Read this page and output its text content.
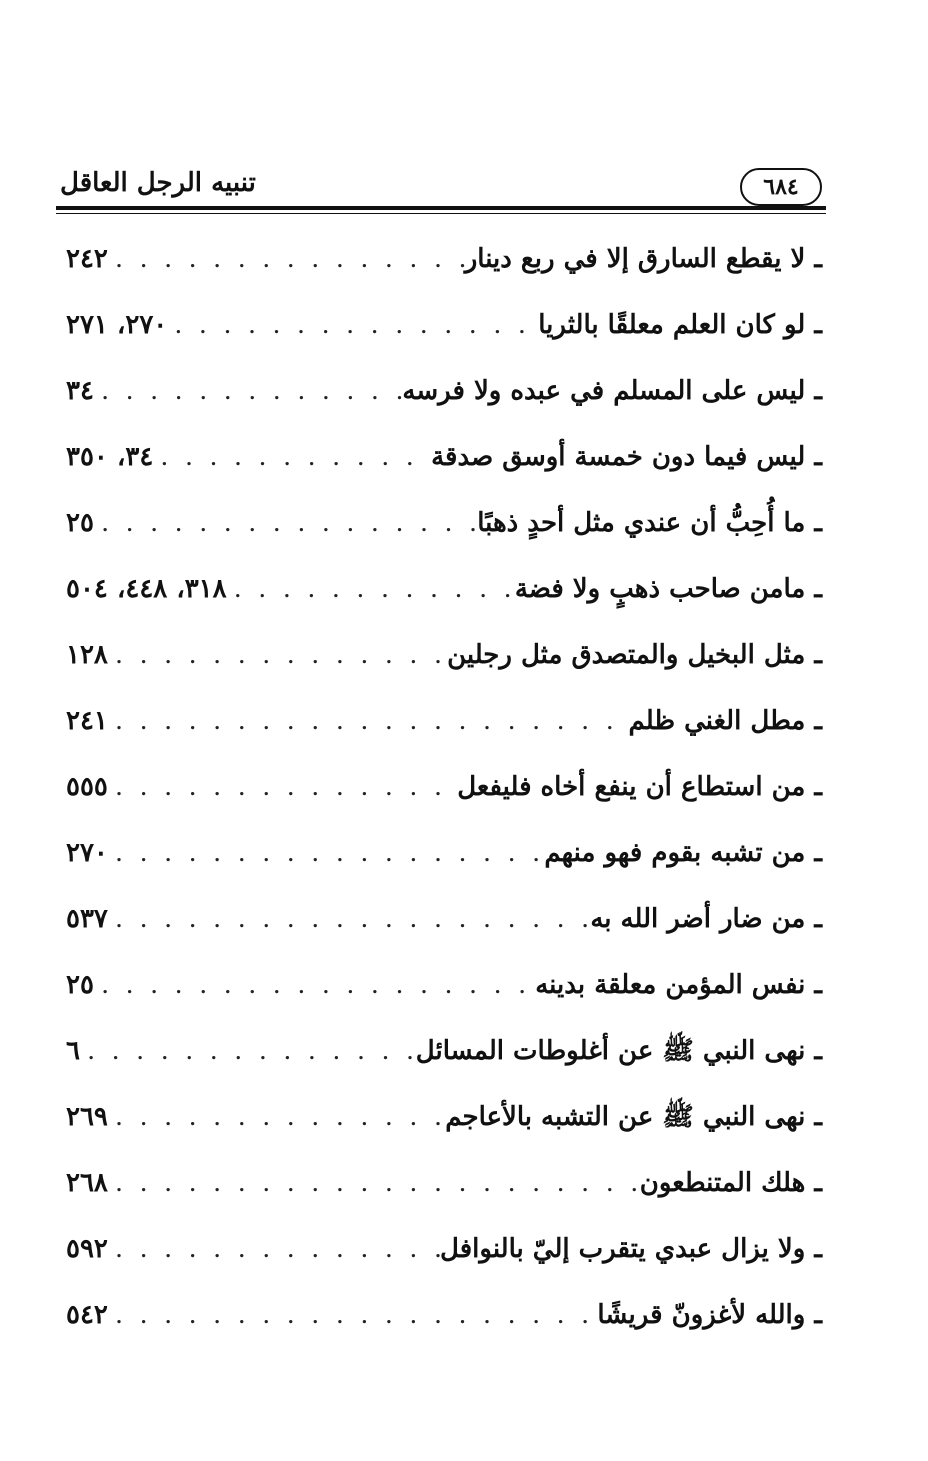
تنبيه الرجل العاقل	٦٨٤
ـ لا يقطع السارق إلا في ربع دينار
. . .
٢٤٢
ـ لو كان العلم معلقًا بالثريا
. . .
٢٧٠، ٢٧١
ـ ليس على المسلم في عبده ولا فرسه
. . .
٣٤
ـ ليس فيما دون خمسة أوسق صدقة
. . .
٣٤، ٣٥٠
ـ ما أُحِبُّ أن عندي مثل أحدٍ ذهبًا
. . .
٢٥
ـ مامن صاحب ذهبٍ ولا فضة
. . .
٣١٨، ٤٤٨، ٥٠٤
ـ مثل البخيل والمتصدق مثل رجلين
. . .
١٢٨
ـ مطل الغني ظلم
. . .
٢٤١
ـ من استطاع أن ينفع أخاه فليفعل
. . .
٥٥٥
ـ من تشبه بقوم فهو منهم
. . .
٢٧٠
ـ من ضار أضر الله به
. . .
٥٣٧
ـ نفس المؤمن معلقة بدينه
. . .
٢٥
ـ نهى النبي ﷺ عن أغلوطات المسائل
. . .
٦
ـ نهى النبي ﷺ عن التشبه بالأعاجم
. . .
٢٦٩
ـ هلك المتنطعون
. . .
٢٦٨
ـ ولا يزال عبدي يتقرب إليّ بالنوافل
. . .
٥٩٢
ـ والله لأغزونّ قريشًا
. . .
٥٤٢
